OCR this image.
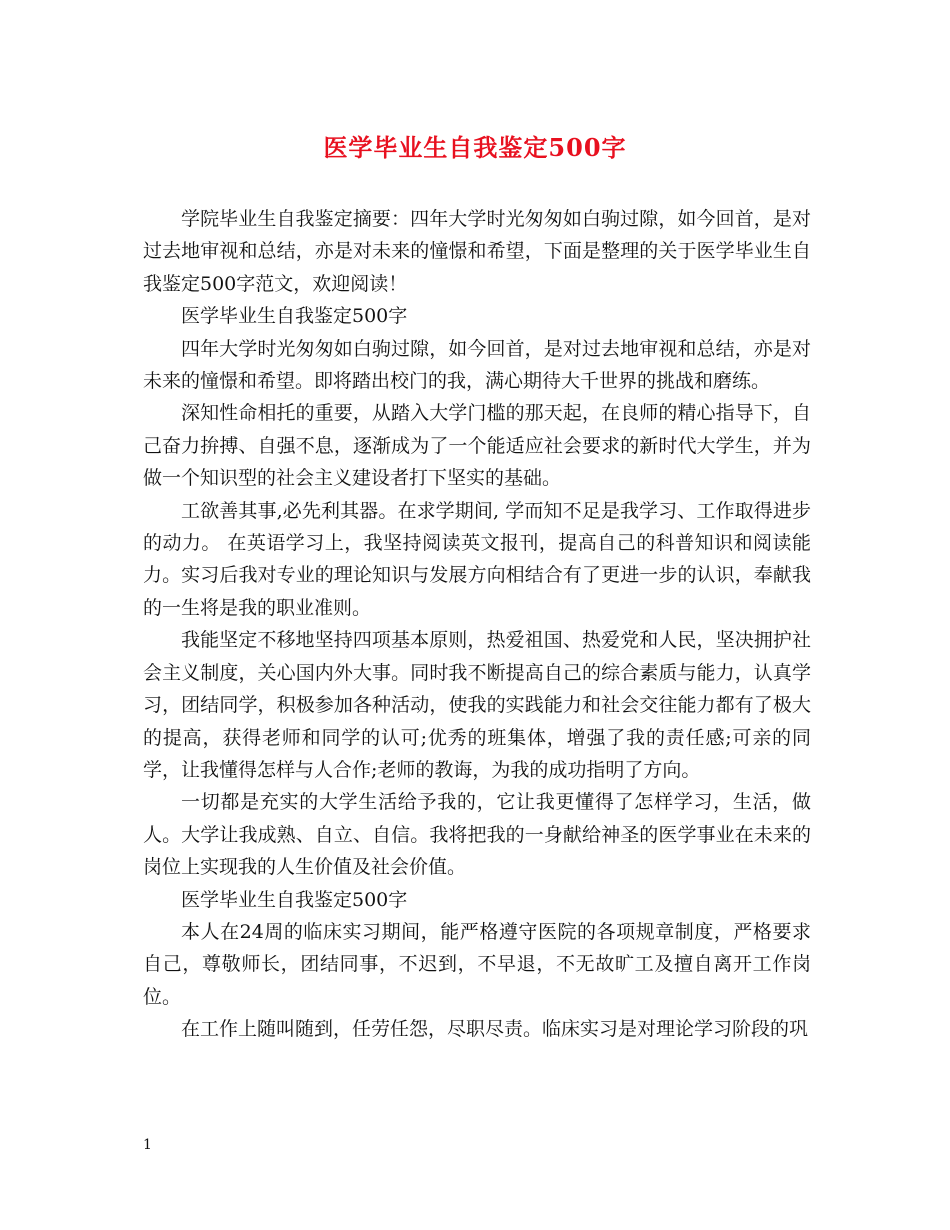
医学毕业生自我鉴定500字

学院毕业生自我鉴定摘要：四年大学时光匆匆如白驹过隙，如今回首，是对过去地审视和总结，亦是对未来的憧憬和希望，下面是整理的关于医学毕业生自我鉴定500字范文，欢迎阅读！

医学毕业生自我鉴定500字

四年大学时光匆匆如白驹过隙，如今回首，是对过去地审视和总结，亦是对未来的憧憬和希望。即将踏出校门的我，满心期待大千世界的挑战和磨练。

深知性命相托的重要，从踏入大学门槛的那天起，在良师的精心指导下，自己奋力拚搏、自强不息，逐渐成为了一个能适应社会要求的新时代大学生，并为做一个知识型的社会主义建设者打下坚实的基础。

工欲善其事,必先利其器。在求学期间, 学而知不足是我学习、工作取得进步的动力。 在英语学习上，我坚持阅读英文报刊，提高自己的科普知识和阅读能力。实习后我对专业的理论知识与发展方向相结合有了更进一步的认识，奉献我的一生将是我的职业准则。

我能坚定不移地坚持四项基本原则，热爱祖国、热爱党和人民，坚决拥护社会主义制度，关心国内外大事。同时我不断提高自己的综合素质与能力，认真学习，团结同学，积极参加各种活动，使我的实践能力和社会交往能力都有了极大的提高，获得老师和同学的认可;优秀的班集体，增强了我的责任感;可亲的同学，让我懂得怎样与人合作;老师的教诲，为我的成功指明了方向。

一切都是充实的大学生活给予我的，它让我更懂得了怎样学习，生活，做人。大学让我成熟、自立、自信。我将把我的一身献给神圣的医学事业在未来的岗位上实现我的人生价值及社会价值。

医学毕业生自我鉴定500字

本人在24周的临床实习期间，能严格遵守医院的各项规章制度，严格要求自己，尊敬师长，团结同事，不迟到，不早退，不无故旷工及擅自离开工作岗位。

在工作上随叫随到，任劳任怨，尽职尽责。临床实习是对理论学习阶段的巩

1
